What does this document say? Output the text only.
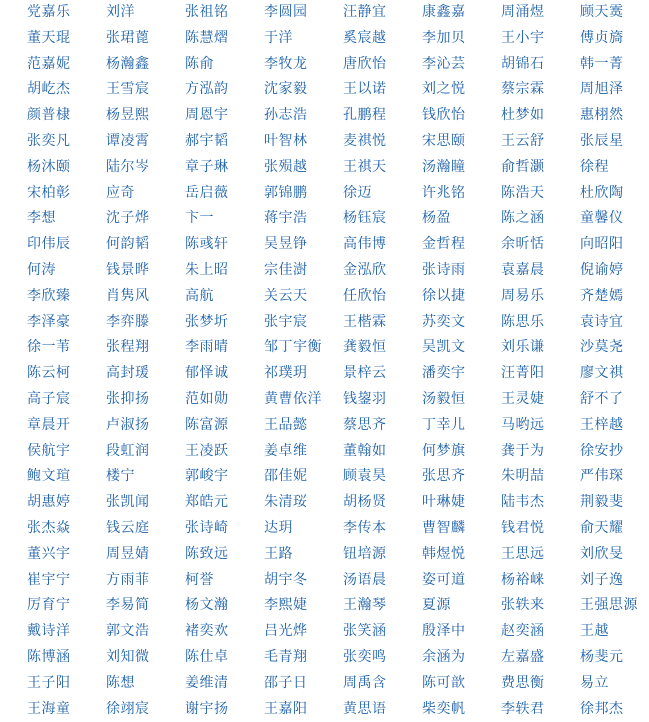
党嘉乐	刘洋	张祖铭	李圆园	汪静宜	康鑫嘉	周涌煜	顾天霙
董天琨	张珺蓖	陈慧熠	于洋	奚宸越	李加贝	王小宇	傅贞旖
范嘉妮	杨瀚鑫	陈俞	李牧龙	唐欣怡	李沁芸	胡锦石	韩一菁
胡屹杰	王雪宸	方泓韵	沈家毅	王以诺	刘之悦	蔡宗霖	周旭泽
颜普棣	杨昱熙	周恩宇	孙志浩	孔鹏程	钱欣怡	杜梦如	惠栩然
张奕凡	谭凌霄	郝宇韬	叶智林	麦祺悦	宋思颐	王云舒	张辰星
杨沐颐	陆尔岑	章子琳	张殒越	王祺天	汤瀚瞳	俞哲灏	徐程
宋柏彰	应奇	岳启薇	郭锦鹏	徐迈	许兆铭	陈浩天	杜欣陶
李想	沈子烨	卞一	蒋宇浩	杨钰宸	杨盈	陈之涵	童馨仪
印伟辰	何韵韬	陈彧轩	吴昱铮	高伟博	金哲程	余昕恬	向昭阳
何涛	钱景晔	朱上昭	宗佳澍	金泓欣	张诗雨	袁嘉晨	倪谕婷
李欣臻	肖隽风	高航	关云天	任欣怡	徐以捷	周易乐	齐楚嫣
李泽豪	李弈滕	张梦圻	张宇宸	王楷霖	苏奕文	陈思乐	袁诗宜
徐一苇	张程翔	李雨晴	邹丁宇衡	龚毅恒	吴凯文	刘乐谦	沙莫尧
陈云柯	高封瑗	郁怿诚	祁璞玥	景梓云	潘奕宇	汪菁阳	廖文祺
高子宸	张抑扬	范如勋	黄曹依洋	钱鋆羽	汤毅恒	王灵婕	舒不了
章晨开	卢淑扬	陈富源	王品懿	蔡思齐	丁幸儿	马哟远	王梓越
侯航宇	段虹润	王凌跃	姜卓维	董翰如	何梦旗	龚于为	徐安抄
鲍文瑄	楼宁	郭峻宇	邵佳妮	顾袁昊	张思齐	朱明喆	严伟琛
胡惠婷	张凯闻	郑皓元	朱清珱	胡杨贤	叶琳婕	陆韦杰	荆毅斐
张杰焱	钱云庭	张诗崎	达玥	李传本	曹智麟	钱君悦	俞天耀
董兴宇	周昱婧	陈致远	王路	钮培源	韩煜悦	王思远	刘欣旻
崔宇宁	方雨菲	柯誉	胡宇冬	汤语晨	姿可道	杨裕崃	刘子逸
厉育宁	李易简	杨文瀚	李熙婕	王瀚琴	夏源	张轶来	王强思源
戴诗洋	郭文浩	褚奕欢	吕光烨	张笑涵	殷泽中	赵奕涵	王越
陈博涵	刘知微	陈仕卓	毛青翔	张奕鸣	余涵为	左嘉盛	杨斐元
王子阳	陈想	姜维清	邵子日	周禹含	陈可歆	费思衡	易立
王海童	徐翊宸	谢宇扬	王嘉阳	黄思语	柴奕帆	李轶君	徐邦杰
